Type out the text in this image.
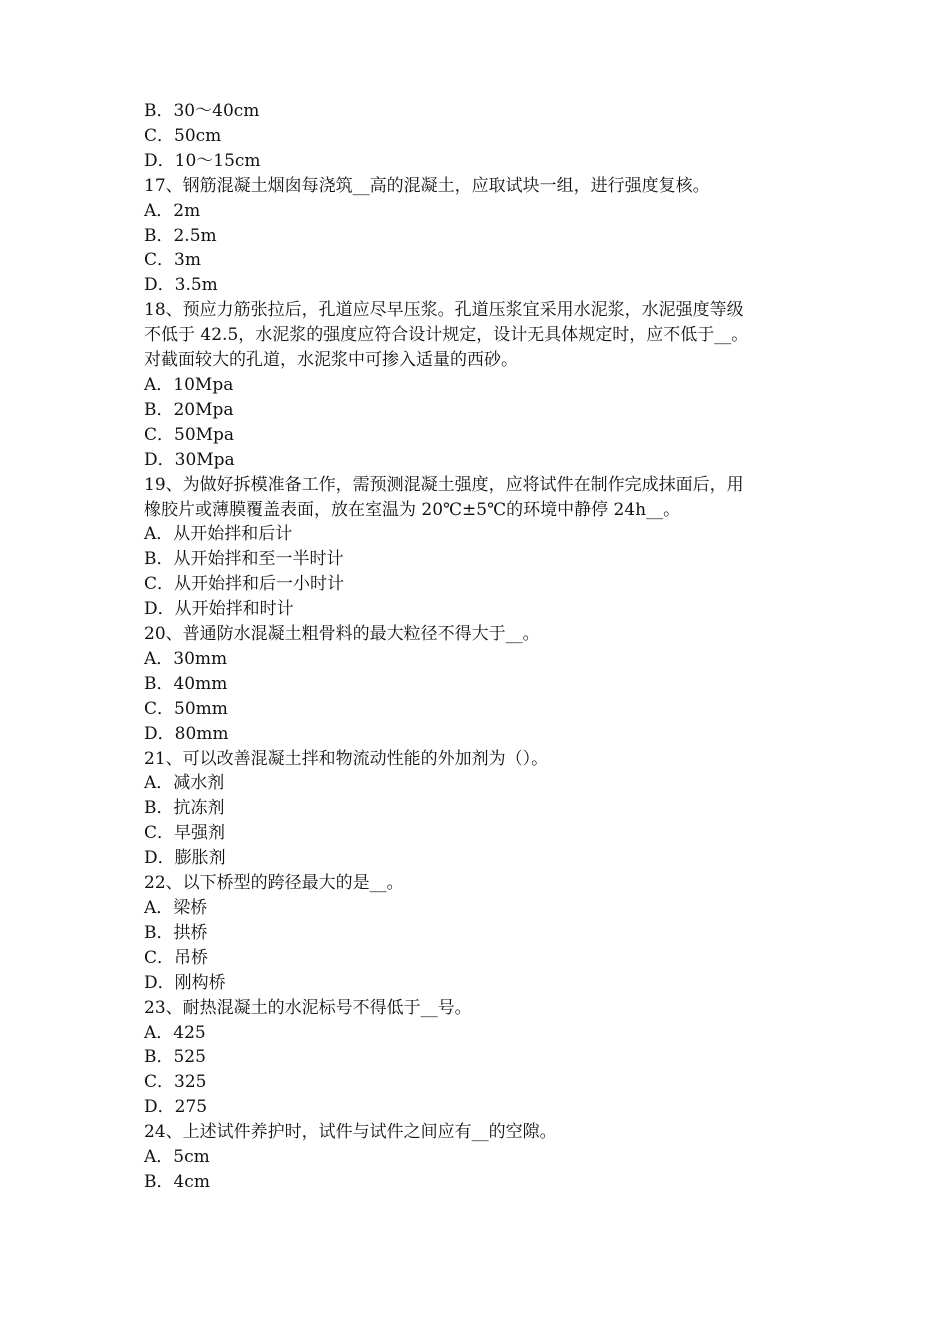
B．30～40cm

C．50cm

D．10～15cm

17、钢筋混凝土烟囱每浇筑__高的混凝土，应取试块一组，进行强度复核。

A．2m

B．2.5m

C．3m

D．3.5m

18、预应力筋张拉后，孔道应尽早压浆。孔道压浆宜采用水泥浆，水泥强度等级
不低于 42.5，水泥浆的强度应符合设计规定，设计无具体规定时，应不低于__。
对截面较大的孔道，水泥浆中可掺入适量的西砂。

A．10Mpa

B．20Mpa

C．50Mpa

D．30Mpa

19、为做好拆模准备工作，需预测混凝土强度，应将试件在制作完成抹面后，用
橡胶片或薄膜覆盖表面，放在室温为 20℃±5℃的环境中静停 24h__。

A．从开始拌和后计

B．从开始拌和至一半时计

C．从开始拌和后一小时计

D．从开始拌和时计

20、普通防水混凝土粗骨料的最大粒径不得大于__。

A．30mm

B．40mm

C．50mm

D．80mm

21、可以改善混凝土拌和物流动性能的外加剂为（）。

A．减水剂

B．抗冻剂

C．早强剂

D．膨胀剂

22、以下桥型的跨径最大的是__。

A．梁桥

B．拱桥

C．吊桥

D．刚构桥

23、耐热混凝土的水泥标号不得低于__号。

A．425

B．525

C．325

D．275

24、上述试件养护时，试件与试件之间应有__的空隙。

A．5cm

B．4cm
